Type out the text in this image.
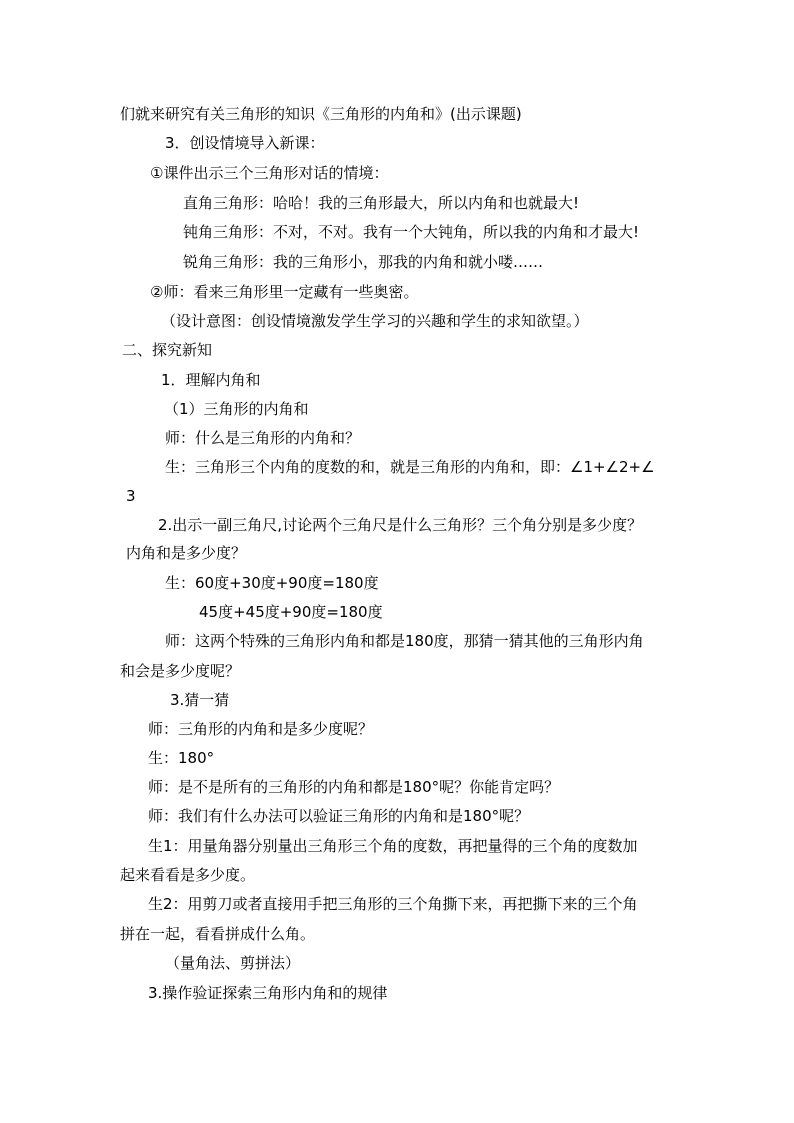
们就来研究有关三角形的知识《三角形的内角和》(出示课题)
3．创设情境导入新课：
①课件出示三个三角形对话的情境：
直角三角形：哈哈！我的三角形最大，所以内角和也就最大!
钝角三角形：不对，不对。我有一个大钝角，所以我的内角和才最大!
锐角三角形：我的三角形小，那我的内角和就小喽……
②师：看来三角形里一定藏有一些奥密。
（设计意图：创设情境激发学生学习的兴趣和学生的求知欲望。）
二、探究新知
1．理解内角和
（1）三角形的内角和
师：什么是三角形的内角和？
生：三角形三个内角的度数的和，就是三角形的内角和，即：∠1+∠2+∠
3
2.出示一副三角尺,讨论两个三角尺是什么三角形？三个角分别是多少度？
内角和是多少度？
生：60度+30度+90度=180度
45度+45度+90度=180度
师：这两个特殊的三角形内角和都是180度，那猜一猜其他的三角形内角
和会是多少度呢？
3.猜一猜
师：三角形的内角和是多少度呢？
生：180°
师：是不是所有的三角形的内角和都是180°呢？你能肯定吗？
师：我们有什么办法可以验证三角形的内角和是180°呢？
生1：用量角器分别量出三角形三个角的度数，再把量得的三个角的度数加
起来看看是多少度。
生2：用剪刀或者直接用手把三角形的三个角撕下来，再把撕下来的三个角
拼在一起，看看拼成什么角。
（量角法、剪拼法）
3.操作验证探索三角形内角和的规律
